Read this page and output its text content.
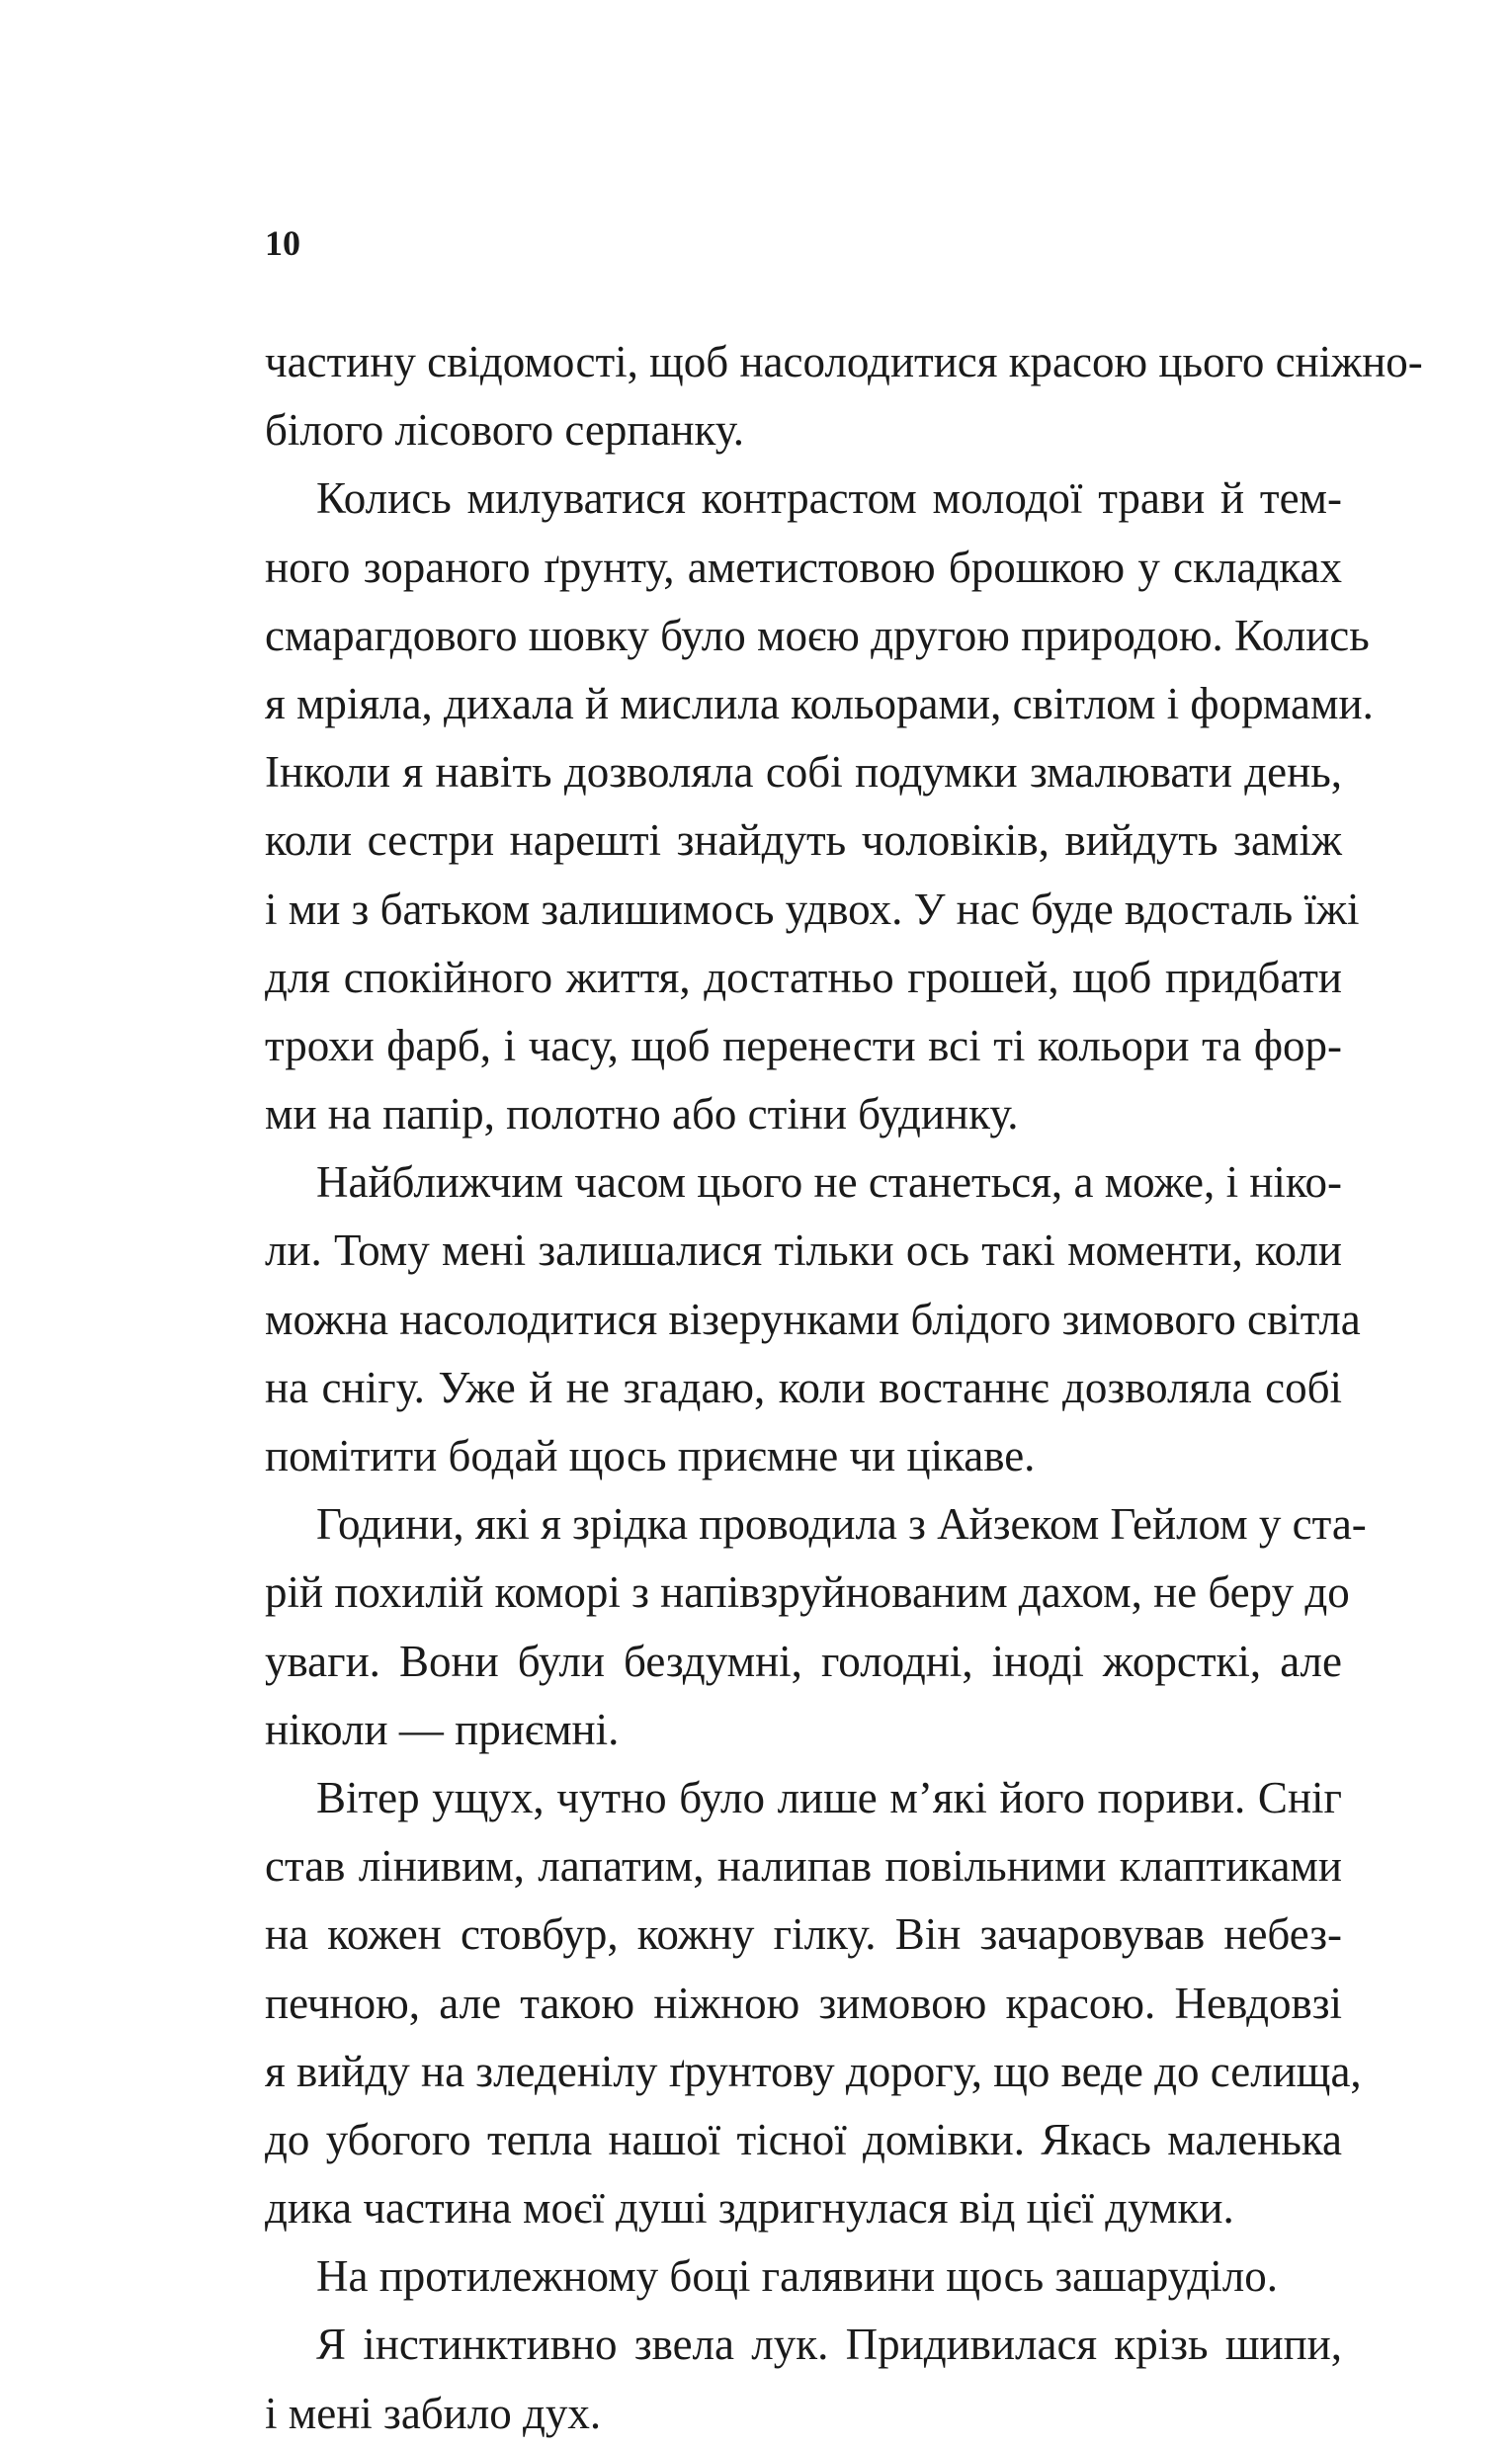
10
частину свідомості, щоб насолодитися красою цього сніжно-
білого лісового серпанку.
Колись милуватися контрастом молодої трави й тем-
ного зораного ґрунту, аметистовою брошкою у складках
смарагдового шовку було моєю другою природою. Колись
я мріяла, дихала й мислила кольорами, світлом і формами.
Інколи я навіть дозволяла собі подумки змалювати день,
коли сестри нарешті знайдуть чоловіків, вийдуть заміж
і ми з батьком залишимось удвох. У нас буде вдосталь їжі
для спокійного життя, достатньо грошей, щоб придбати
трохи фарб, і часу, щоб перенести всі ті кольори та фор-
ми на папір, полотно або стіни будинку.
Найближчим часом цього не станеться, а може, і ніко-
ли. Тому мені залишалися тільки ось такі моменти, коли
можна насолодитися візерунками блідого зимового світла
на снігу. Уже й не згадаю, коли востаннє дозволяла собі
помітити бодай щось приємне чи цікаве.
Години, які я зрідка проводила з Айзеком Гейлом у ста-
рій похилій коморі з напівзруйнованим дахом, не беру до
уваги. Вони були бездумні, голодні, іноді жорсткі, але
ніколи — приємні.
Вітер ущух, чутно було лише м’які його пориви. Сніг
став лінивим, лапатим, налипав повільними клаптиками
на кожен стовбур, кожну гілку. Він зачаровував небез-
печною, але такою ніжною зимовою красою. Невдовзі
я вийду на зледенілу ґрунтову дорогу, що веде до селища,
до убогого тепла нашої тісної домівки. Якась маленька
дика частина моєї душі здригнулася від цієї думки.
На протилежному боці галявини щось зашаруділо.
Я інстинктивно звела лук. Придивилася крізь шипи,
і мені забило дух.
